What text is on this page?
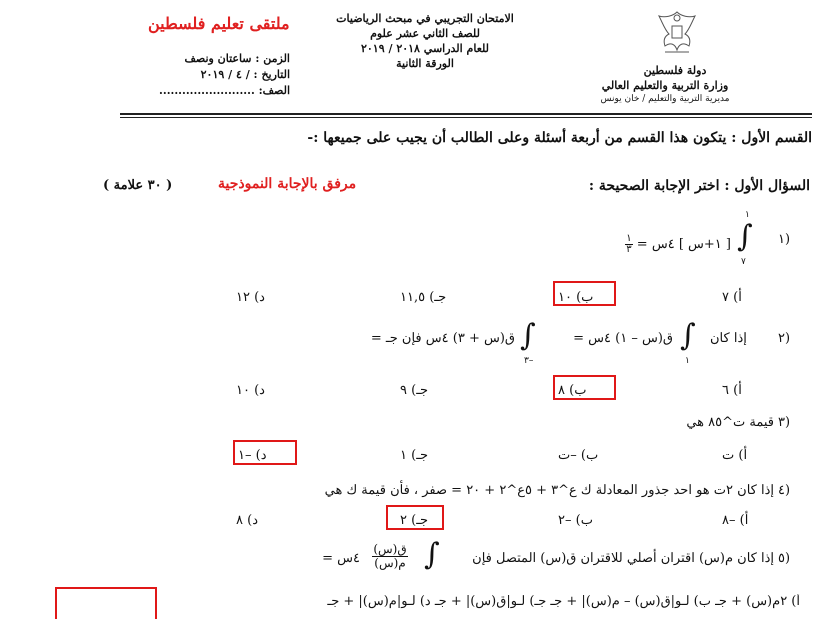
ملتقى تعليم فلسطين
الزمن : ساعتان ونصف
التاريخ : / ٤ / ٢٠١٩
الصف: .........................
الامتحان التجريبي في مبحث الرياضيات
للصف الثاني عشر علوم
للعام الدراسي ٢٠١٨ / ٢٠١٩
الورقة الثانية
دولة فلسطين
وزارة التربية والتعليم العالي
مديرية التربية والتعليم / خان يونس
القسم الأول : يتكون هذا القسم من أربعة أسئلة وعلى الطالب أن يجيب على جميعها :-
السؤال الأول : اختر الإجابة الصحيحة :
مرفق بالإجابة النموذجية
( ٣٠ علامة )
١)
∫
١
٧
[ ١+س ] ٤س =
$\frac{١}{٣}$
أ) ٧
ب) ١٠
جـ) ١١,٥
د) ١٢
٢)
إذا كان
∫
١
ق(س – ١) ٤س =
∫
٣–
ق(س + ٣) ٤س فإن جـ =
أ) ٦
ب) ٨
جـ) ٩
د) ١٠
٣)
قيمة ت^٨٥ هي
أ) ت
ب) –ت
جـ) ١
د) –١
٤)
إذا كان ٢ت هو احد جذور المعادلة ك ع^٣ + ٥ع^٢ + ٢٠ = صفر ، فأن قيمة ك هي
أ) –٨
ب) –٢
جـ) ٢
د) ٨
٥)
إذا كان م(س) اقتران أصلي للاقتران ق(س) المتصل فإن
∫
$\frac{\text{ق(س)}}{\text{م(س)}}$
٤س =
أ) ٢م(س) + جـ ب) لـو|ق(س) – م(س)| + جـ جـ) لـو|ق(س)| + جـ د) لـو|م(س)| + جـ
